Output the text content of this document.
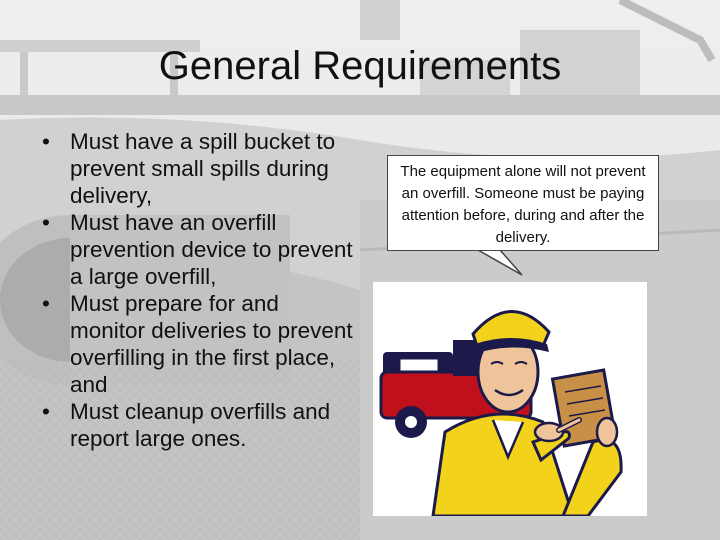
General Requirements
• Must have a spill bucket to prevent small spills during delivery,
• Must have an overfill prevention device to prevent a large overfill,
• Must prepare for and monitor deliveries to prevent overfilling in the first place, and
• Must cleanup overfills and report large ones.
The equipment alone will not prevent an overfill. Someone must be paying attention before, during and after the delivery.
